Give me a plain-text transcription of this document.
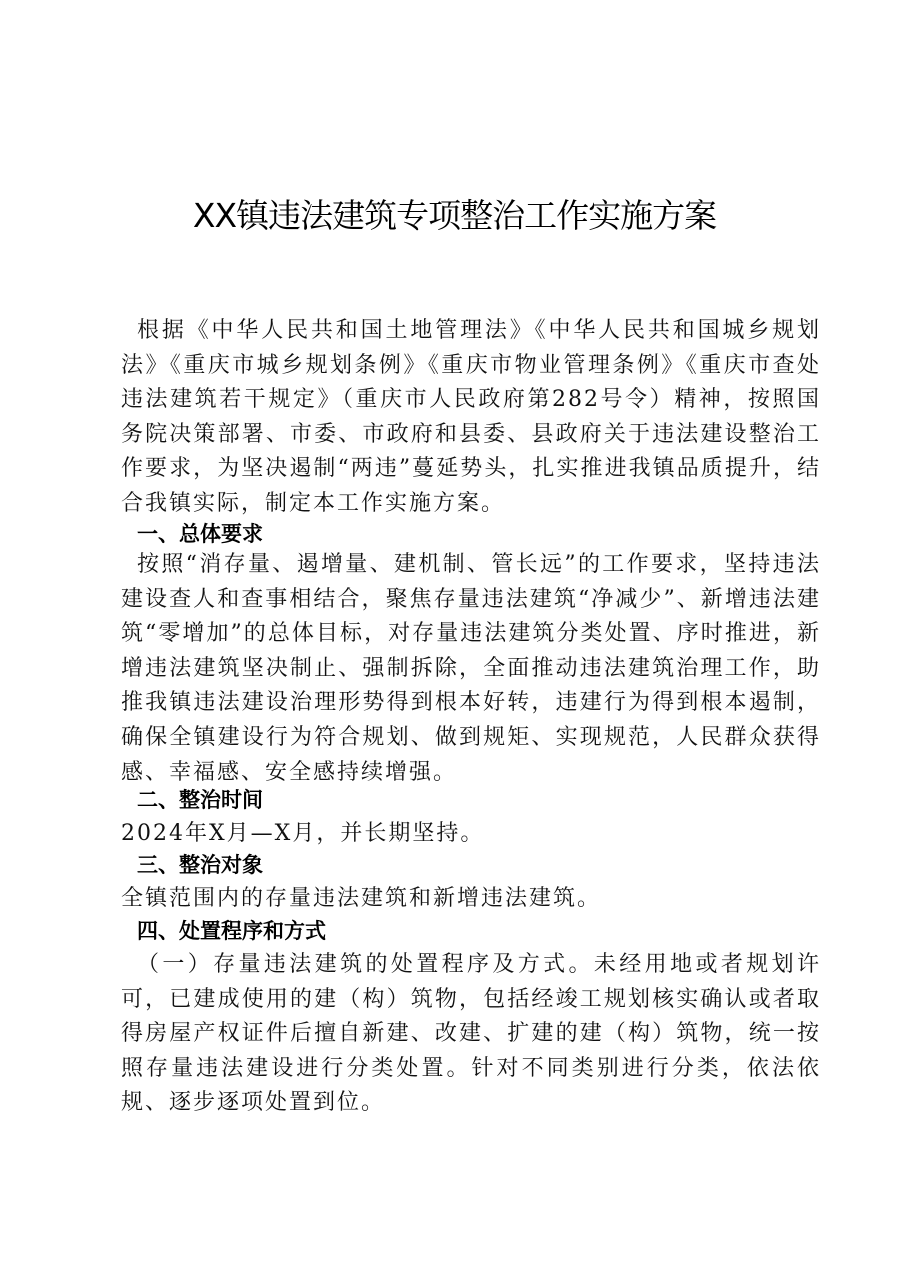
XX镇违法建筑专项整治工作实施方案
根据《中华人民共和国土地管理法》《中华人民共和国城乡规划法》《重庆市城乡规划条例》《重庆市物业管理条例》《重庆市查处违法建筑若干规定》（重庆市人民政府第282号令）精神，按照国务院决策部署、市委、市政府和县委、县政府关于违法建设整治工作要求，为坚决遏制“两违”蔓延势头，扎实推进我镇品质提升，结合我镇实际，制定本工作实施方案。
一、总体要求
按照“消存量、遏增量、建机制、管长远”的工作要求，坚持违法建设查人和查事相结合，聚焦存量违法建筑“净减少”、新增违法建筑“零增加”的总体目标，对存量违法建筑分类处置、序时推进，新增违法建筑坚决制止、强制拆除，全面推动违法建筑治理工作，助推我镇违法建设治理形势得到根本好转，违建行为得到根本遏制，确保全镇建设行为符合规划、做到规矩、实现规范，人民群众获得感、幸福感、安全感持续增强。
二、整治时间
2024年X月—X月，并长期坚持。
三、整治对象
全镇范围内的存量违法建筑和新增违法建筑。
四、处置程序和方式
（一）存量违法建筑的处置程序及方式。未经用地或者规划许可，已建成使用的建（构）筑物，包括经竣工规划核实确认或者取得房屋产权证件后擅自新建、改建、扩建的建（构）筑物，统一按照存量违法建设进行分类处置。针对不同类别进行分类，依法依规、逐步逐项处置到位。
